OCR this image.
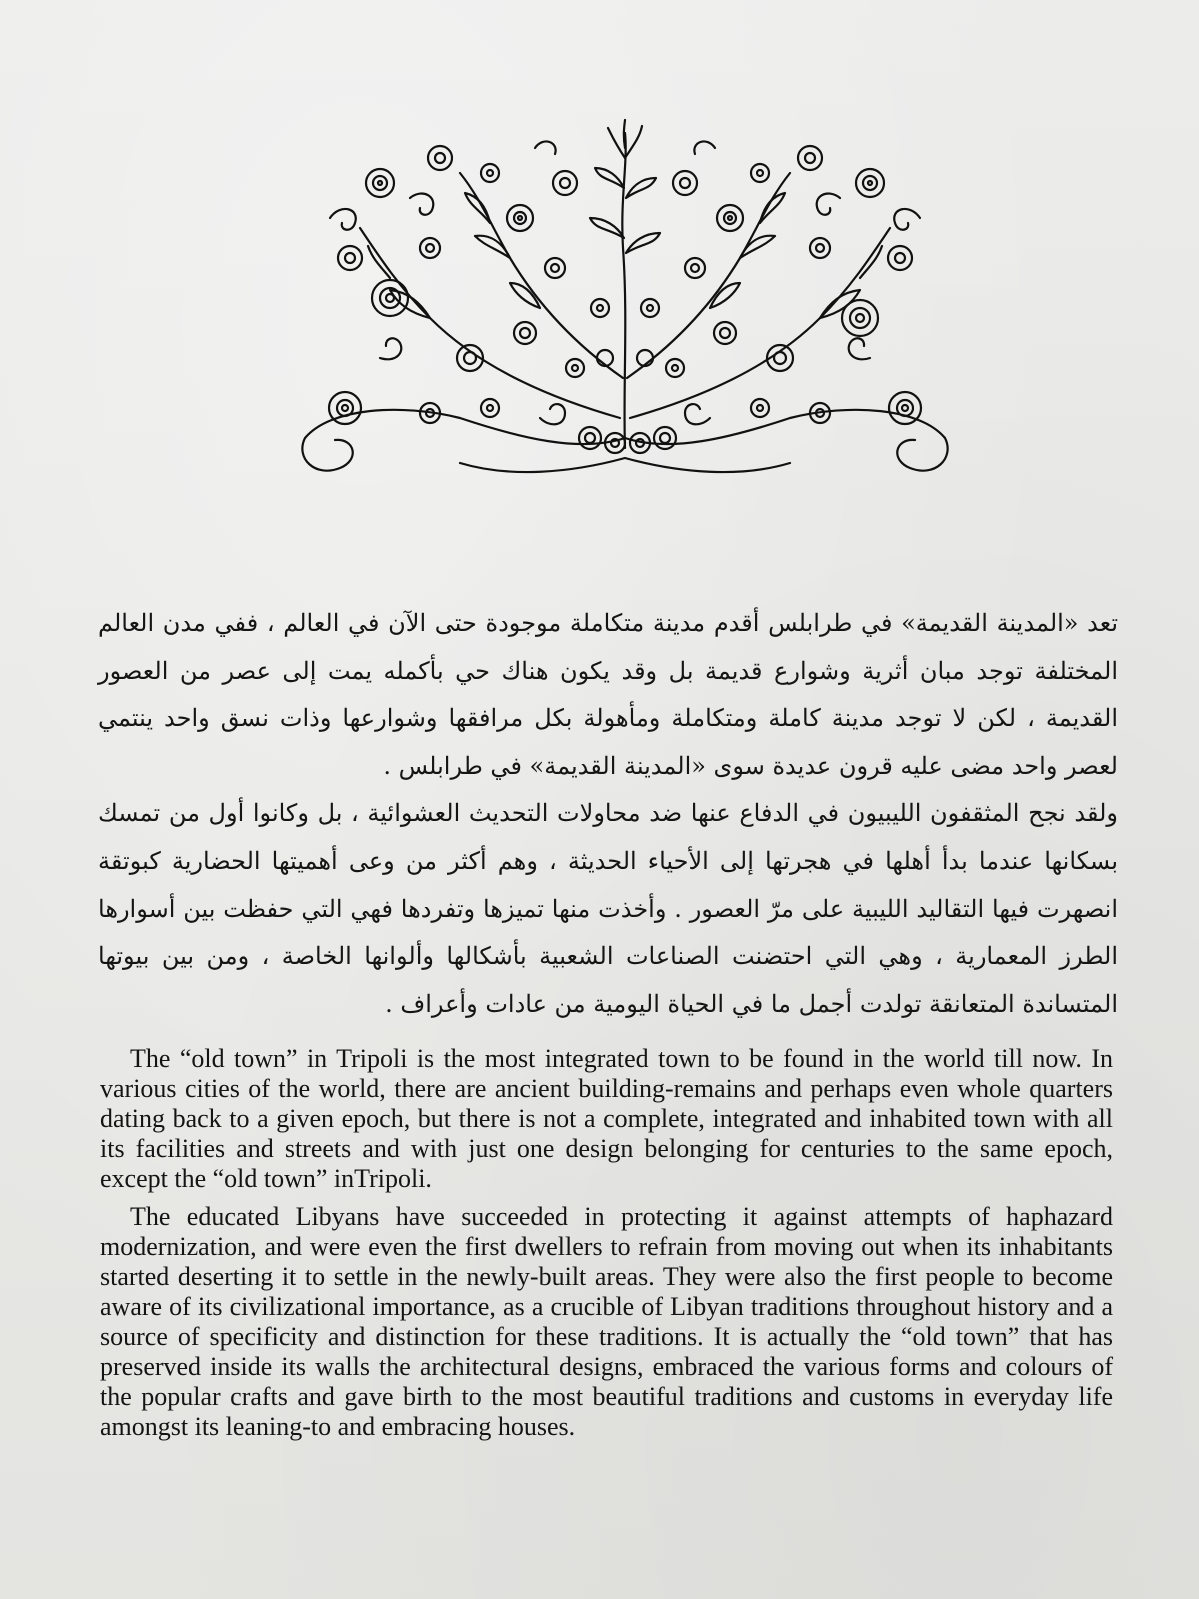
تعد «المدينة القديمة» في طرابلس أقدم مدينة متكاملة موجودة حتى الآن في العالم ، ففي مدن العالم المختلفة توجد مبان أثرية وشوارع قديمة بل وقد يكون هناك حي بأكمله يمت إلى عصر من العصور القديمة ، لكن لا توجد مدينة كاملة ومتكاملة ومأهولة بكل مرافقها وشوارعها وذات نسق واحد ينتمي لعصر واحد مضى عليه قرون عديدة سوى «المدينة القديمة» في طرابلس .

ولقد نجح المثقفون الليبيون في الدفاع عنها ضد محاولات التحديث العشوائية ، بل وكانوا أول من تمسك بسكانها عندما بدأ أهلها في هجرتها إلى الأحياء الحديثة ، وهم أكثر من وعى أهميتها الحضارية كبوتقة انصهرت فيها التقاليد الليبية على مرّ العصور . وأخذت منها تميزها وتفردها فهي التي حفظت بين أسوارها الطرز المعمارية ، وهي التي احتضنت الصناعات الشعبية بأشكالها وألوانها الخاصة ، ومن بين بيوتها المتساندة المتعانقة تولدت أجمل ما في الحياة اليومية من عادات وأعراف .

The “old town” in Tripoli is the most integrated town to be found in the world till now. In various cities of the world, there are ancient building-remains and perhaps even whole quarters dating back to a given epoch, but there is not a complete, integrated and inhabited town with all its facilities and streets and with just one design belonging for centuries to the same epoch, except the “old town” inTripoli.

The educated Libyans have succeeded in protecting it against attempts of haphazard modernization, and were even the first dwellers to refrain from moving out when its inhabitants started deserting it to settle in the newly-built areas. They were also the first people to become aware of its civilizational importance, as a crucible of Libyan traditions throughout history and a source of specificity and distinction for these traditions. It is actually the “old town” that has preserved inside its walls the architectural designs, embraced the various forms and colours of the popular crafts and gave birth to the most beautiful traditions and customs in everyday life amongst its leaning-to and embracing houses.
